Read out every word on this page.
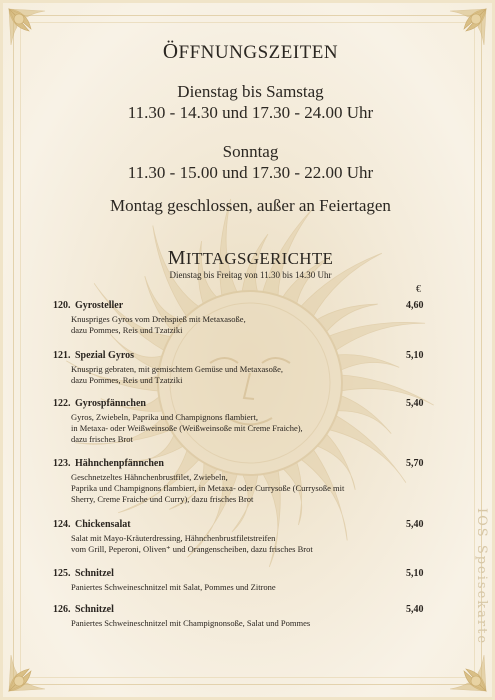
IOS Speisekarte
ÖFFNUNGSZEITEN
Dienstag bis Samstag
11.30 - 14.30 und 17.30 - 24.00 Uhr
Sonntag
11.30 - 15.00 und 17.30 - 22.00 Uhr
Montag geschlossen, außer an Feiertagen
MITTAGSGERICHTE
Dienstag bis Freitag von 11.30 bis 14.30 Uhr
€
120. Gyrosteller	4,60
Knuspriges Gyros vom Drehspieß mit Metaxasoße,
dazu Pommes, Reis und Tzatziki
121. Spezial Gyros	5,10
Knusprig gebraten, mit gemischtem Gemüse und Metaxasoße,
dazu Pommes, Reis und Tzatziki
122. Gyrospfännchen	5,40
Gyros, Zwiebeln, Paprika und Champignons flambiert,
in Metaxa- oder Weißweinsoße (Weißweinsoße mit Creme Fraiche),
dazu frisches Brot
123. Hähnchenpfännchen	5,70
Geschnetzeltes Hähnchenbrustfilet, Zwiebeln,
Paprika und Champignons flambiert, in Metaxa- oder Currysoße (Currysoße mit
Sherry, Creme Fraiche und Curry), dazu frisches Brot
124. Chickensalat	5,40
Salat mit Mayo-Kräuterdressing, Hähnchenbrustfiletstreifen
vom Grill, Peperoni, Oliven⁺ und Orangenscheiben, dazu frisches Brot
125. Schnitzel	5,10
Paniertes Schweineschnitzel mit Salat, Pommes und Zitrone
126. Schnitzel	5,40
Paniertes Schweineschnitzel mit Champignonsoße, Salat und Pommes
